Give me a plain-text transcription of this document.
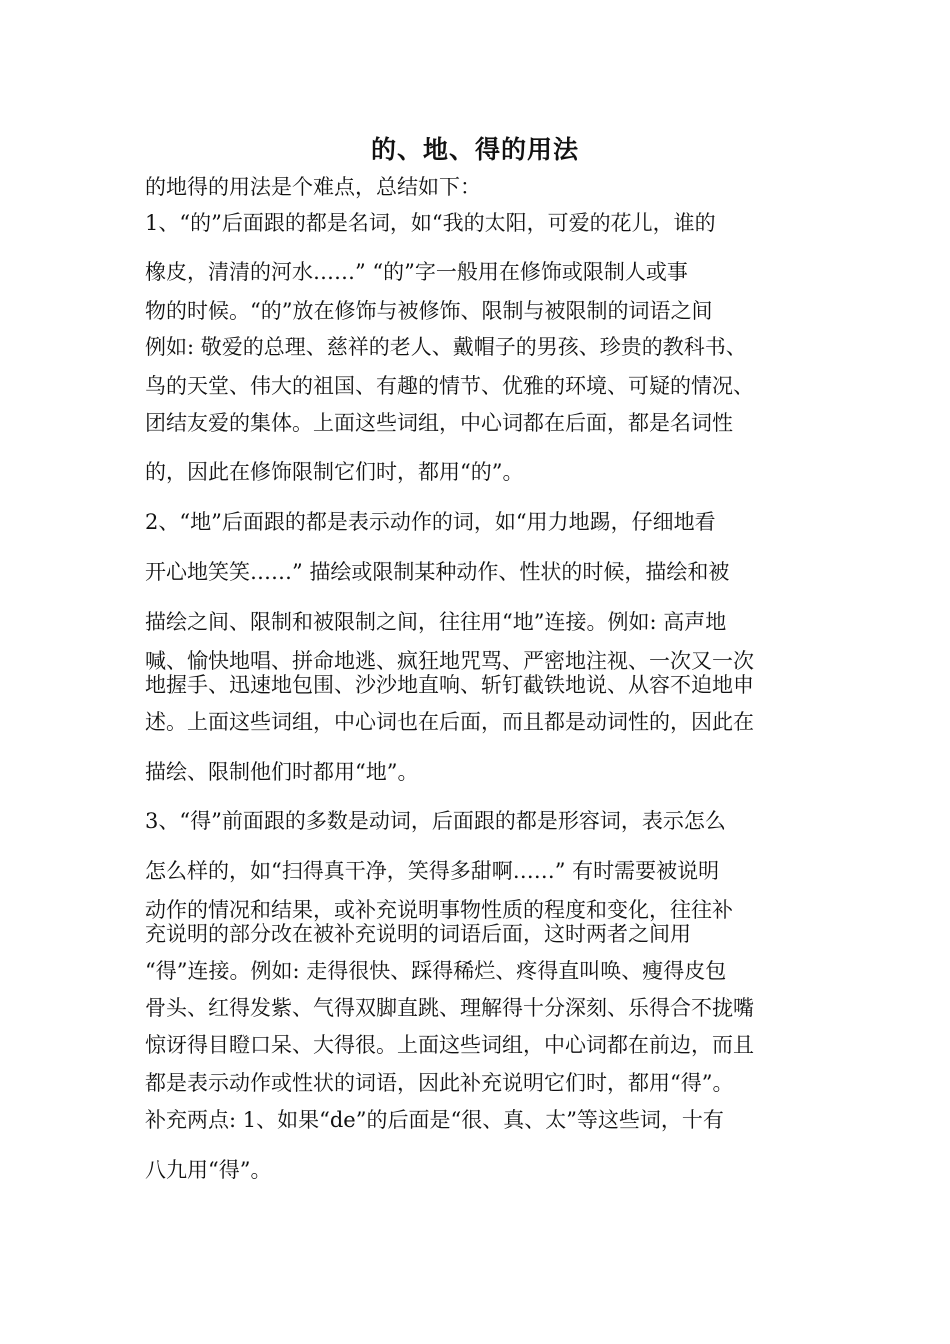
的、地、得的用法
的地得的用法是个难点，总结如下：
1、“的”后面跟的都是名词，如“我的太阳，可爱的花儿，谁的
橡皮，清清的河水……” “的”字一般用在修饰或限制人或事
物的时候。“的”放在修饰与被修饰、限制与被限制的词语之间
例如: 敬爱的总理、慈祥的老人、戴帽子的男孩、珍贵的教科书、
鸟的天堂、伟大的祖国、有趣的情节、优雅的环境、可疑的情况、
团结友爱的集体。上面这些词组，中心词都在后面，都是名词性
的，因此在修饰限制它们时，都用“的”。
2、“地”后面跟的都是表示动作的词，如“用力地踢，仔细地看
开心地笑笑……” 描绘或限制某种动作、性状的时候，描绘和被
描绘之间、限制和被限制之间，往往用“地”连接。例如: 高声地
喊、愉快地唱、拼命地逃、疯狂地咒骂、严密地注视、一次又一次
地握手、迅速地包围、沙沙地直响、斩钉截铁地说、从容不迫地申
述。上面这些词组，中心词也在后面，而且都是动词性的，因此在
描绘、限制他们时都用“地”。
3、“得”前面跟的多数是动词，后面跟的都是形容词，表示怎么
怎么样的，如“扫得真干净，笑得多甜啊……” 有时需要被说明
动作的情况和结果，或补充说明事物性质的程度和变化，往往补
充说明的部分改在被补充说明的词语后面，这时两者之间用
“得”连接。例如: 走得很快、踩得稀烂、疼得直叫唤、瘦得皮包
骨头、红得发紫、气得双脚直跳、理解得十分深刻、乐得合不拢嘴
惊讶得目瞪口呆、大得很。上面这些词组，中心词都在前边，而且
都是表示动作或性状的词语，因此补充说明它们时，都用“得”。
补充两点: 1、如果“de”的后面是“很、真、太”等这些词，十有
八九用“得”。
